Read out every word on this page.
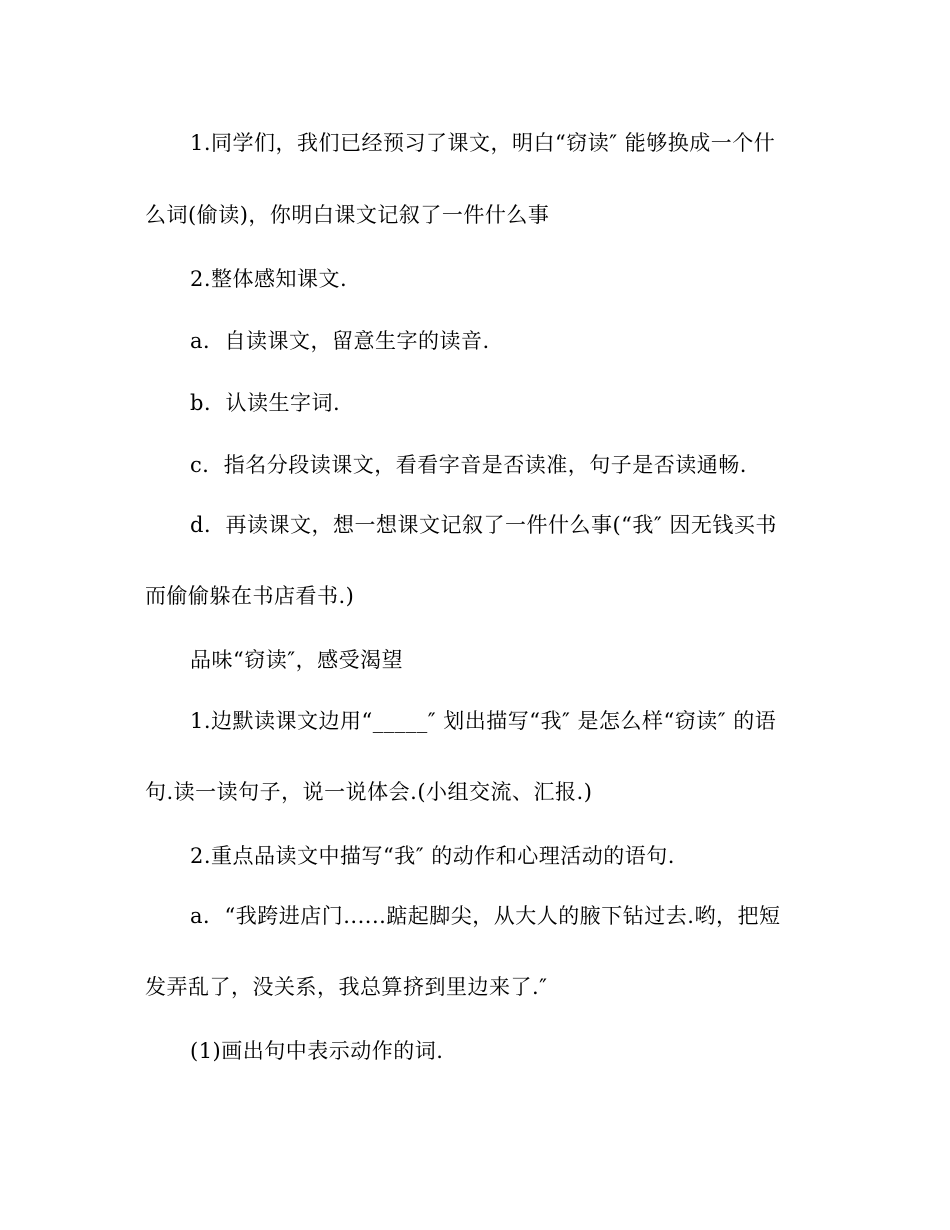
1.同学们，我们已经预习了课文，明白“窃读″ 能够换成一个什
么词(偷读)，你明白课文记叙了一件什么事
2.整体感知课文.
a．自读课文，留意生字的读音.
b．认读生字词.
c．指名分段读课文，看看字音是否读准，句子是否读通畅.
d．再读课文，想一想课文记叙了一件什么事(“我″ 因无钱买书
而偷偷躲在书店看书.)
品味“窃读″，感受渴望
1.边默读课文边用“_____″ 划出描写“我″ 是怎么样“窃读″ 的语
句.读一读句子，说一说体会.(小组交流、汇报.)
2.重点品读文中描写“我″ 的动作和心理活动的语句.
a．“我跨进店门......踮起脚尖，从大人的腋下钻过去.哟，把短
发弄乱了，没关系，我总算挤到里边来了.″
(1)画出句中表示动作的词.
